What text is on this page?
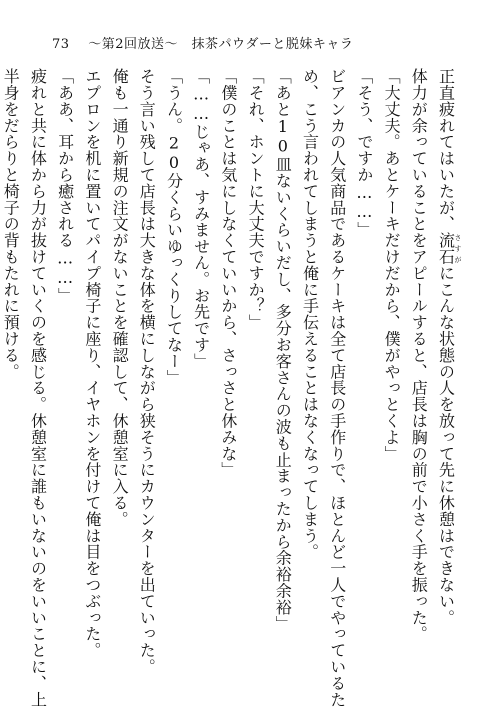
73 〜第2回放送〜　抹茶パウダーと脱妹キャラ
正直疲れてはいたが、流石さすがにこんな状態の人を放って先に休憩はできない。
体力が余っていることをアピールすると、店長は胸の前で小さく手を振った。
「大丈夫。あとケーキだけだから、僕がやっとくよ」
「そう、ですか……」
ビアンカの人気商品であるケーキは全て店長の手作りで、ほとんど一人でやっているた
め、こう言われてしまうと俺に手伝えることはなくなってしまう。
「あと10皿ないくらいだし、多分お客さんの波も止まったから余裕余裕」
「それ、ホントに大丈夫ですか？」
「僕のことは気にしなくていいから、さっさと休みな」
「……じゃあ、すみません。お先です」
「うん。20分くらいゆっくりしてなー」
そう言い残して店長は大きな体を横にしながら狭そうにカウンターを出ていった。
俺も一通り新規の注文がないことを確認して、休憩室に入る。
エプロンを机に置いてパイプ椅子に座り、イヤホンを付けて俺は目をつぶった。
「ああ、耳から癒される……」
疲れと共に体から力が抜けていくのを感じる。休憩室に誰もいないのをいいことに、上
半身をだらりと椅子の背もたれに預ける。
